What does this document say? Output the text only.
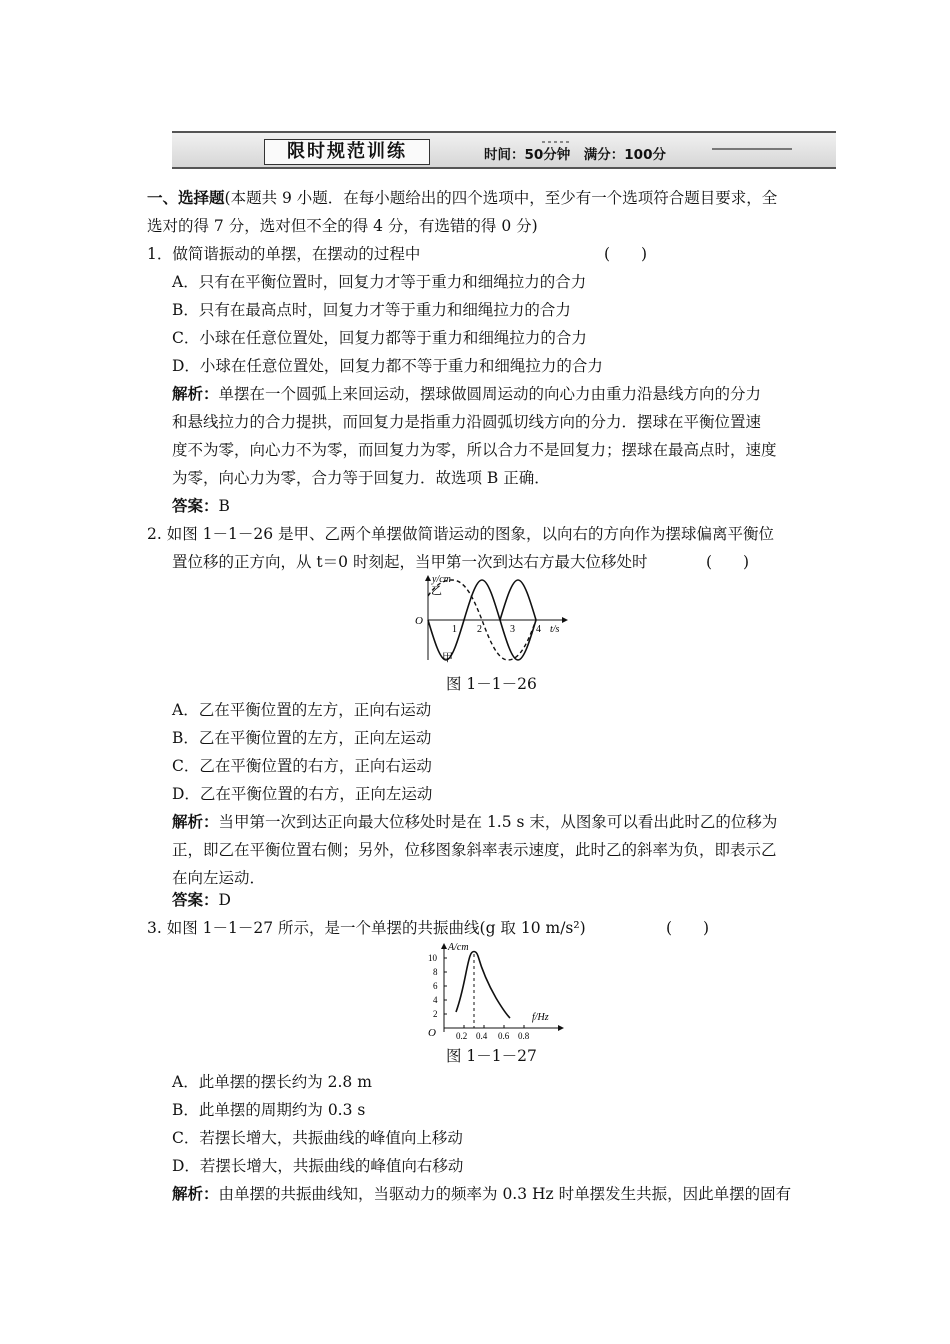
限时规范训练	时间：50分钟　满分：100分
一、选择题(本题共 9 小题．在每小题给出的四个选项中，至少有一个选项符合题目要求，全
选对的得 7 分，选对但不全的得 4 分，有选错的得 0 分)
1．做简谐振动的单摆，在摆动的过程中	(　　)
A．只有在平衡位置时，回复力才等于重力和细绳拉力的合力
B．只有在最高点时，回复力才等于重力和细绳拉力的合力
C．小球在任意位置处，回复力都等于重力和细绳拉力的合力
D．小球在任意位置处，回复力都不等于重力和细绳拉力的合力
解析：单摆在一个圆弧上来回运动，摆球做圆周运动的向心力由重力沿悬线方向的分力
和悬线拉力的合力提拱，而回复力是指重力沿圆弧切线方向的分力．摆球在平衡位置速
度不为零，向心力不为零，而回复力为零，所以合力不是回复力；摆球在最高点时，速度
为零，向心力为零，合力等于回复力．故选项 B 正确．
答案：B
2. 如图 1－1－26 是甲、乙两个单摆做简谐运动的图象，以向右的方向作为摆球偏离平衡位
置位移的正方向，从 t＝0 时刻起，当甲第一次到达右方最大位移处时	(　　)
O
y/cm
t/s
1 2	3 4
乙
甲
图 1－1－26
A．乙在平衡位置的左方，正向右运动
B．乙在平衡位置的左方，正向左运动
C．乙在平衡位置的右方，正向右运动
D．乙在平衡位置的右方，正向左运动
解析：当甲第一次到达正向最大位移处时是在 1.5 s 末，从图象可以看出此时乙的位移为
正，即乙在平衡位置右侧；另外，位移图象斜率表示速度，此时乙的斜率为负，即表示乙
在向左运动．
答案：D
3. 如图 1－1－27 所示，是一个单摆的共振曲线(g 取 10 m/s²)	(　　)
O
A/cm
f/Hz
10
8
6
4
2
0.2 0.4 0.6 0.8
图 1－1－27
A．此单摆的摆长约为 2.8 m
B．此单摆的周期约为 0.3 s
C．若摆长增大，共振曲线的峰值向上移动
D．若摆长增大，共振曲线的峰值向右移动
解析：由单摆的共振曲线知，当驱动力的频率为 0.3 Hz 时单摆发生共振，因此单摆的固有
